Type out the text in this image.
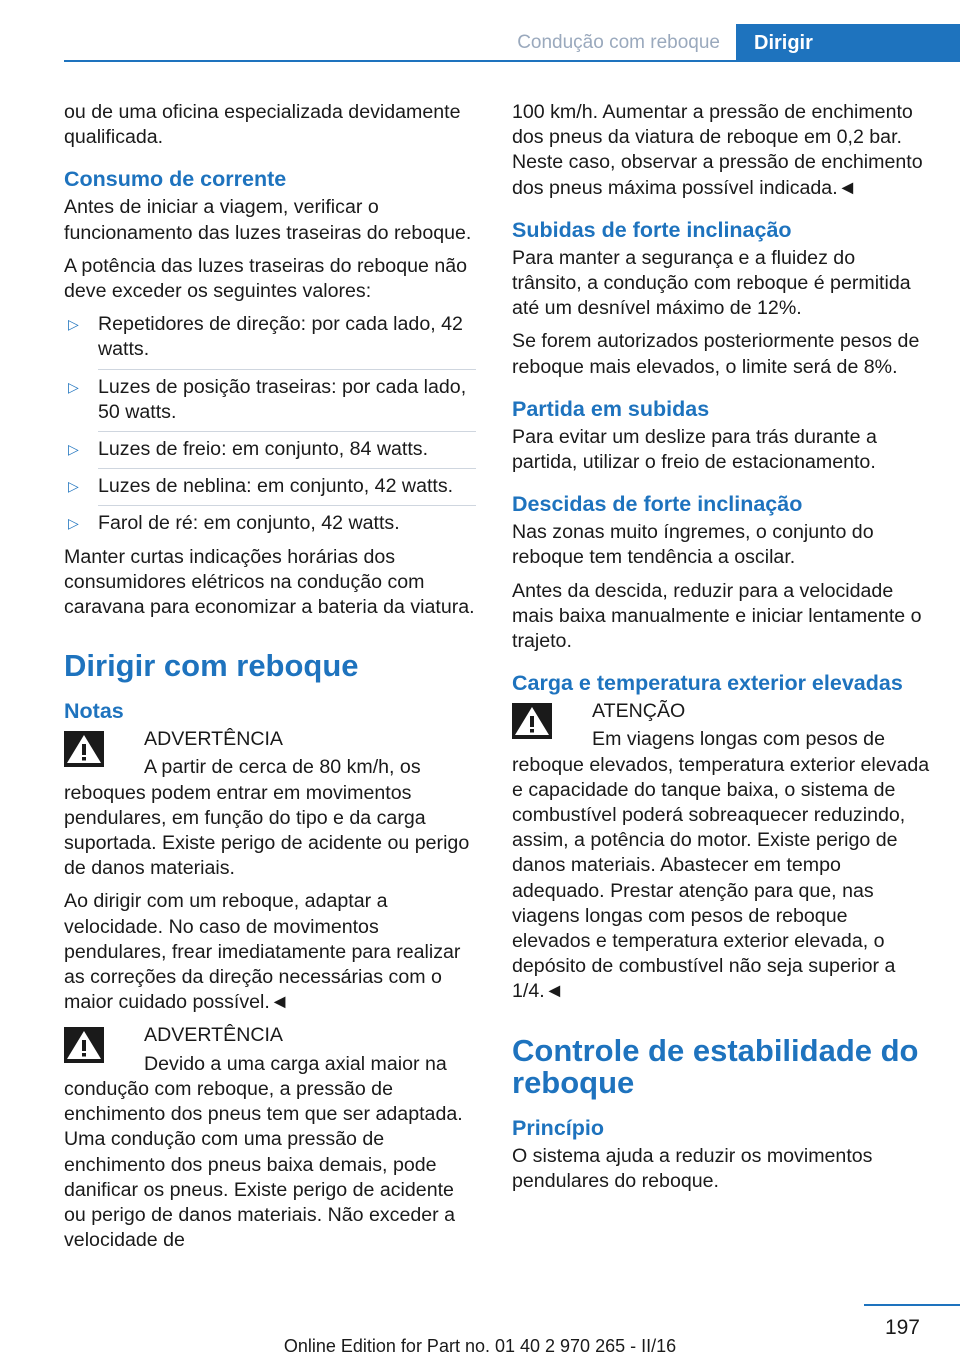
Condução com reboque	Dirigir

ou de uma oficina especializada devidamente qualificada.

Consumo de corrente

Antes de iniciar a viagem, verificar o funcionamento das luzes traseiras do reboque.

A potência das luzes traseiras do reboque não deve exceder os seguintes valores:

▷ Repetidores de direção: por cada lado, 42 watts.
▷ Luzes de posição traseiras: por cada lado, 50 watts.
▷ Luzes de freio: em conjunto, 84 watts.
▷ Luzes de neblina: em conjunto, 42 watts.
▷ Farol de ré: em conjunto, 42 watts.

Manter curtas indicações horárias dos consumidores elétricos na condução com caravana para economizar a bateria da viatura.

Dirigir com reboque
Notas
ADVERTÊNCIA
A partir de cerca de 80 km/h, os reboques podem entrar em movimentos pendulares, em função do tipo e da carga suportada. Existe perigo de acidente ou perigo de danos materiais.

Ao dirigir com um reboque, adaptar a velocidade. No caso de movimentos pendulares, frear imediatamente para realizar as correções da direção necessárias com o maior cuidado possível.◄

ADVERTÊNCIA
Devido a uma carga axial maior na condução com reboque, a pressão de enchimento dos pneus tem que ser adaptada. Uma condução com uma pressão de enchimento dos pneus baixa demais, pode danificar os pneus. Existe perigo de acidente ou perigo de danos materiais. Não exceder a velocidade de

100 km/h. Aumentar a pressão de enchimento dos pneus da viatura de reboque em 0,2 bar. Neste caso, observar a pressão de enchimento dos pneus máxima possível indicada.◄

Subidas de forte inclinação

Para manter a segurança e a fluidez do trânsito, a condução com reboque é permitida até um desnível máximo de 12%.

Se forem autorizados posteriormente pesos de reboque mais elevados, o limite será de 8%.

Partida em subidas

Para evitar um deslize para trás durante a partida, utilizar o freio de estacionamento.

Descidas de forte inclinação

Nas zonas muito íngremes, o conjunto do reboque tem tendência a oscilar.

Antes da descida, reduzir para a velocidade mais baixa manualmente e iniciar lentamente o trajeto.

Carga e temperatura exterior elevadas
ATENÇÃO
Em viagens longas com pesos de reboque elevados, temperatura exterior elevada e capacidade do tanque baixa, o sistema de combustível poderá sobreaquecer reduzindo, assim, a potência do motor. Existe perigo de danos materiais. Abastecer em tempo adequado. Prestar atenção para que, nas viagens longas com pesos de reboque elevados e temperatura exterior elevada, o depósito de combustível não seja superior a 1/4.◄
Controle de estabilidade do reboque
Princípio

O sistema ajuda a reduzir os movimentos pendulares do reboque.

197
Online Edition for Part no. 01 40 2 970 265 - II/16
